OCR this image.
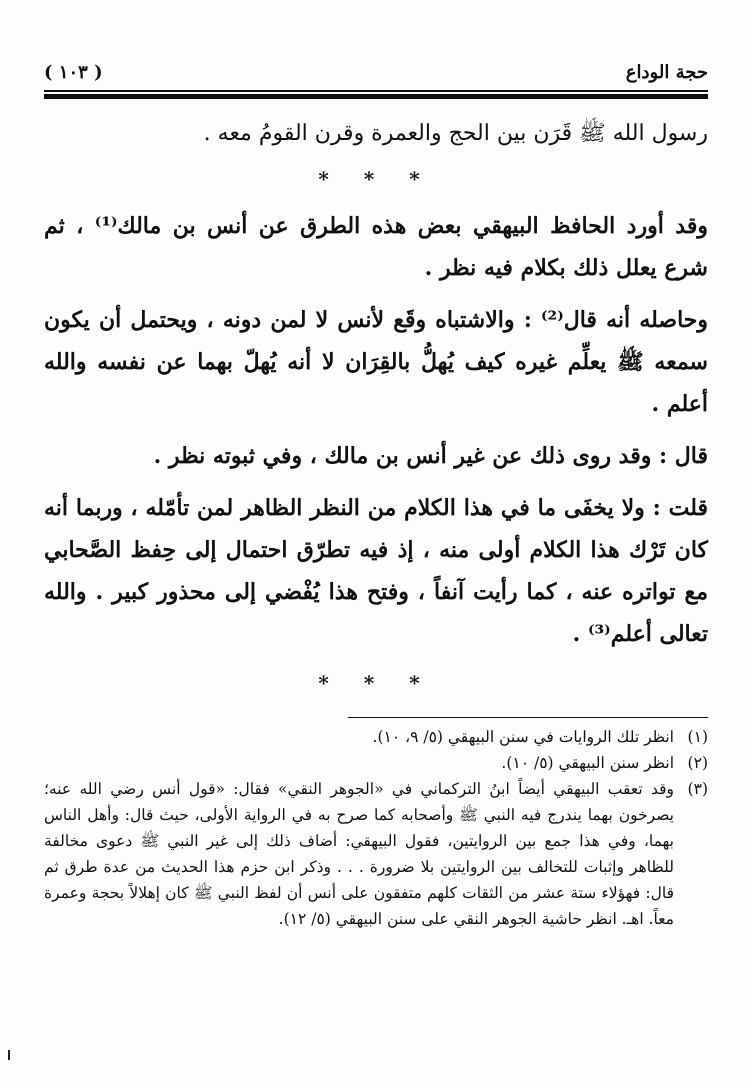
حجة الوداع
( ١٠٣ )

رسول الله ﷺ قَرَن بين الحج والعمرة وقرن القومُ معه .

* * *

وقد أورد الحافظ البيهقي بعض هذه الطرق عن أنس بن مالك⁽¹⁾ ، ثم شرع يعلل ذلك بكلام فيه نظر .

وحاصله أنه قال⁽²⁾ : والاشتباه وقَع لأنس لا لمن دونه ، ويحتمل أن يكون سمعه ﷺ يعلِّم غيره كيف يُهلُّ بالقِرَان لا أنه يُهلّ بهما عن نفسه والله أعلم .

قال : وقد روى ذلك عن غير أنس بن مالك ، وفي ثبوته نظر .

قلت : ولا يخفَى ما في هذا الكلام من النظر الظاهر لمن تأمّله ، وربما أنه كان تَرْك هذا الكلام أولى منه ، إذ فيه تطرّق احتمال إلى حِفظ الصَّحابي مع تواتره عنه ، كما رأيت آنفاً ، وفتح هذا يُفْضي إلى محذور كبير . والله تعالى أعلم⁽³⁾ .

* * *
(١)
انظر تلك الروايات في سنن البيهقي (٥/ ٩، ١٠).
(٢)
انظر سنن البيهقي (٥/ ١٠).
(٣)
وقد تعقب البيهقي أيضاً ابنُ التركماني في «الجوهر النقي» فقال: «قول أنس رضي الله عنه؛ يصرخون بهما يندرج فيه النبي ﷺ وأصحابه كما صرح به في الرواية الأولى، حيث قال: وأهل الناس بهما، وفي هذا جمع بين الروايتين، فقول البيهقي: أضاف ذلك إلى غير النبي ﷺ دعوى مخالفة للظاهر وإثبات للتخالف بين الروايتين بلا ضرورة . . . وذكر ابن حزم هذا الحديث من عدة طرق ثم قال: فهؤلاء ستة عشر من الثقات كلهم متفقون على أنس أن لفظ النبي ﷺ كان إهلالاً بحجة وعمرة معاً. اهـ. انظر حاشية الجوهر النقي على سنن البيهقي (٥/ ١٢).
